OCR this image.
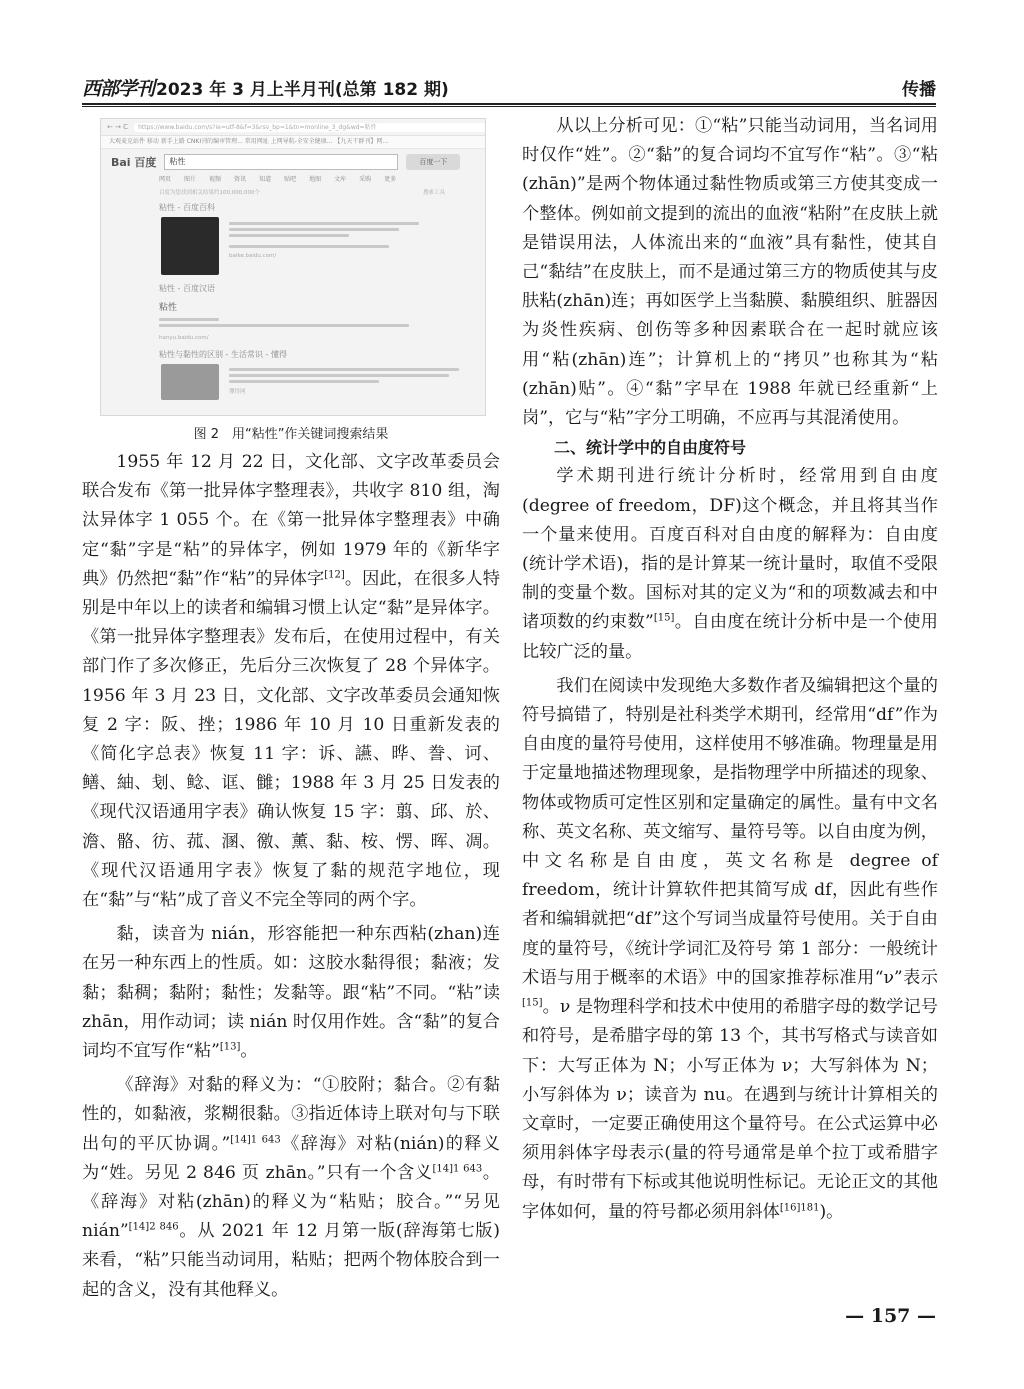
西部学刊 2023 年 3 月上半月刊(总第 182 期)	传播
← → C	https://www.baidu.com/s?ie=utf-8&f=3&rsv_bp=1&tn=monline_3_dg&wd=粘性
大观麦克站件 移动 新手上路 CNKI刊的编审管理... 常用网址 上网导航-全安全健康... 【九天干群刊】网...
Bai 百度	粘性	百度一下
网页 图片 视频 资讯 知道 贴吧 地图 文库 采购 更多
百度为您找到相关结果约100,000,000个	搜索工具
粘性 - 百度百科
baike.baidu.com/
粘性 - 百度汉语
粘性
hanyu.baidu.com/
粘性与黏性的区别 - 生活常识 - 懂得
懂得网
图 2　用“粘性”作关键词搜索结果

1955 年 12 月 22 日，文化部、文字改革委员会联合发布《第一批异体字整理表》，共收字 810 组，淘汰异体字 1 055 个。在《第一批异体字整理表》中确定“黏”字是“粘”的异体字，例如 1979 年的《新华字典》仍然把“黏”作“粘”的异体字[12]。因此，在很多人特别是中年以上的读者和编辑习惯上认定“黏”是异体字。《第一批异体字整理表》发布后，在使用过程中，有关部门作了多次修正，先后分三次恢复了 28 个异体字。1956 年 3 月 23 日，文化部、文字改革委员会通知恢复 2 字：阪、挫；1986 年 10 月 10 日重新发表的《简化字总表》恢复 11 字：诉、讌、晔、誊、诃、鳝、紬、刬、鲶、诓、雠；1988 年 3 月 25 日发表的《现代汉语通用字表》确认恢复 15 字：翦、邱、於、澹、骼、彷、菰、溷、徼、薰、黏、桉、愣、晖、凋。《现代汉语通用字表》恢复了黏的规范字地位，现在“黏”与“粘”成了音义不完全等同的两个字。

黏，读音为 nián，形容能把一种东西粘(zhan)连在另一种东西上的性质。如：这胶水黏得很；黏液；发黏；黏稠；黏附；黏性；发黏等。跟“粘”不同。“粘”读 zhān，用作动词；读 nián 时仅用作姓。含“黏”的复合词均不宜写作“粘”[13]。

《辞海》对黏的释义为：“①胶附；黏合。②有黏性的，如黏液，浆糊很黏。③指近体诗上联对句与下联出句的平仄协调。”$^{[14]1 643}$《辞海》对粘(nián)的释义为“姓。另见 2 846 页 zhān。”只有一个含义$^{[14]1 643}$。《辞海》对粘(zhān)的释义为“粘贴；胶合。”“另见 nián”$^{[14]2 846}$。从 2021 年 12 月第一版(辞海第七版)来看，“粘”只能当动词用，粘贴；把两个物体胶合到一起的含义，没有其他释义。

从以上分析可见：①“粘”只能当动词用，当名词用时仅作“姓”。②“黏”的复合词均不宜写作“粘”。③“粘(zhān)”是两个物体通过黏性物质或第三方使其变成一个整体。例如前文提到的流出的血液“粘附”在皮肤上就是错误用法，人体流出来的“血液”具有黏性，使其自己“黏结”在皮肤上，而不是通过第三方的物质使其与皮肤粘(zhān)连；再如医学上当黏膜、黏膜组织、脏器因为炎性疾病、创伤等多种因素联合在一起时就应该用“粘(zhān)连”；计算机上的“拷贝”也称其为“粘(zhān)贴”。④“黏”字早在 1988 年就已经重新“上岗”，它与“粘”字分工明确，不应再与其混淆使用。

二、统计学中的自由度符号

学术期刊进行统计分析时，经常用到自由度(degree of freedom，DF)这个概念，并且将其当作一个量来使用。百度百科对自由度的解释为：自由度(统计学术语)，指的是计算某一统计量时，取值不受限制的变量个数。国标对其的定义为“和的项数减去和中诸项数的约束数”[15]。自由度在统计分析中是一个使用比较广泛的量。

我们在阅读中发现绝大多数作者及编辑把这个量的符号搞错了，特别是社科类学术期刊，经常用“df”作为自由度的量符号使用，这样使用不够准确。物理量是用于定量地描述物理现象，是指物理学中所描述的现象、物体或物质可定性区别和定量确定的属性。量有中文名称、英文名称、英文缩写、量符号等。以自由度为例，中文名称是自由度，英文名称是 degree of freedom，统计计算软件把其简写成 df，因此有些作者和编辑就把“df”这个写词当成量符号使用。关于自由度的量符号，《统计学词汇及符号 第 1 部分：一般统计术语与用于概率的术语》中的国家推荐标准用“ν”表示[15]。ν 是物理科学和技术中使用的希腊字母的数学记号和符号，是希腊字母的第 13 个，其书写格式与读音如下：大写正体为 N；小写正体为 ν；大写斜体为 N；小写斜体为 ν；读音为 nu。在遇到与统计计算相关的文章时，一定要正确使用这个量符号。在公式运算中必须用斜体字母表示(量的符号通常是单个拉丁或希腊字母，有时带有下标或其他说明性标记。无论正文的其他字体如何，量的符号都必须用斜体$^{[16]181}$)。

— 157 —
